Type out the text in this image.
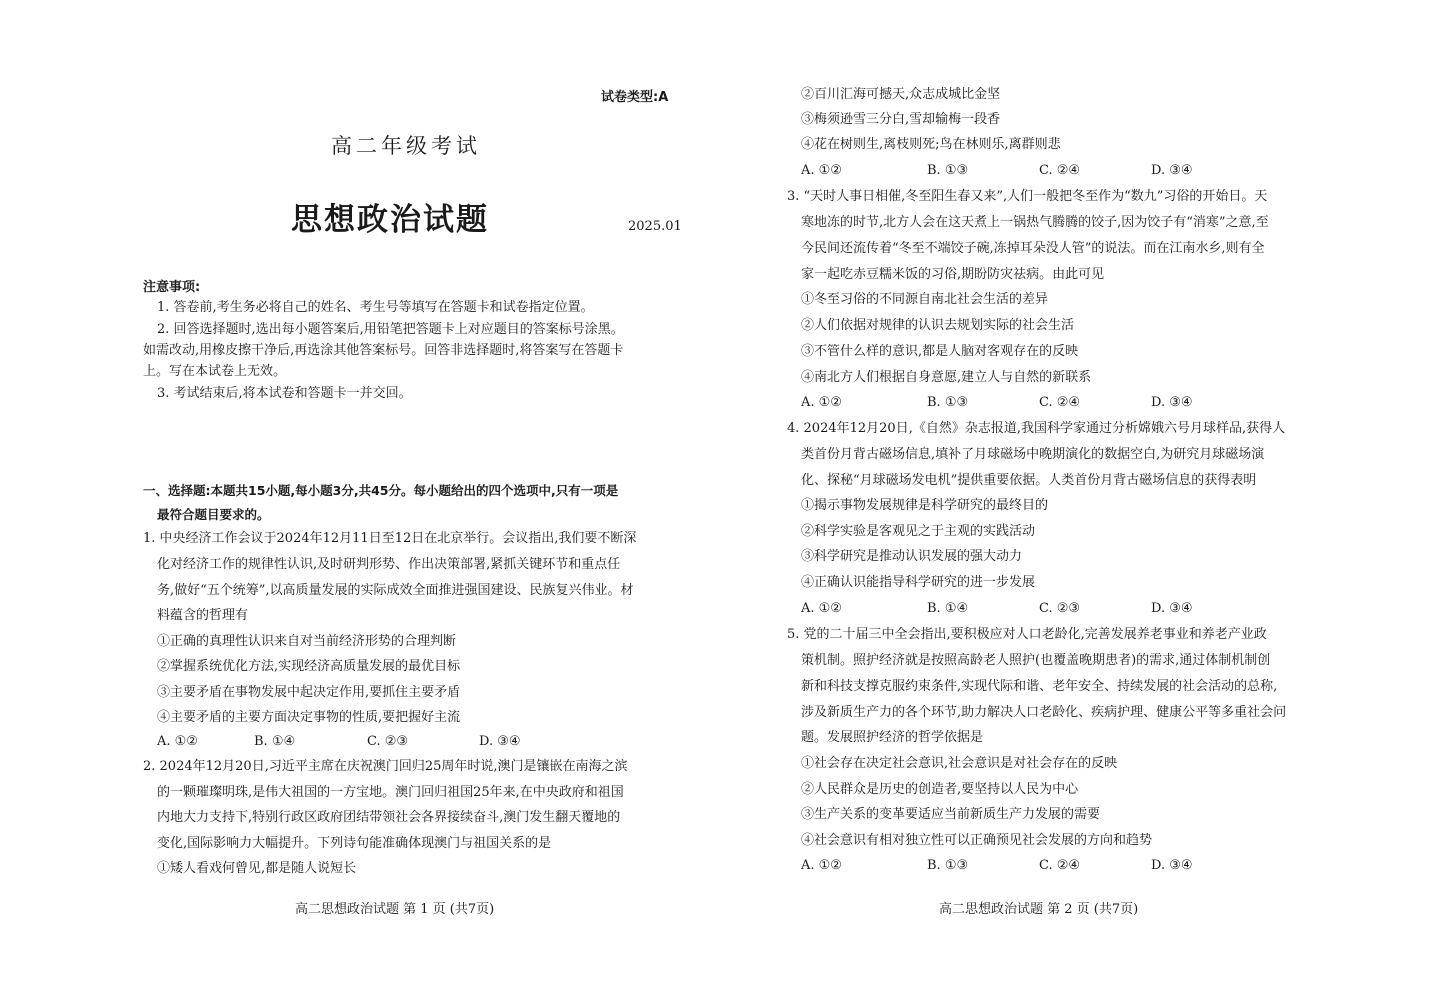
试卷类型:A
高二年级考试
思想政治试题	2025.01
注意事项:
1. 答卷前,考生务必将自己的姓名、考生号等填写在答题卡和试卷指定位置。
2. 回答选择题时,选出每小题答案后,用铅笔把答题卡上对应题目的答案标号涂黑。
如需改动,用橡皮擦干净后,再选涂其他答案标号。回答非选择题时,将答案写在答题卡
上。写在本试卷上无效。
3. 考试结束后,将本试卷和答题卡一并交回。
一、选择题:本题共15小题,每小题3分,共45分。每小题给出的四个选项中,只有一项是
最符合题目要求的。
1. 中央经济工作会议于2024年12月11日至12日在北京举行。会议指出,我们要不断深
化对经济工作的规律性认识,及时研判形势、作出决策部署,紧抓关键环节和重点任
务,做好“五个统筹”,以高质量发展的实际成效全面推进强国建设、民族复兴伟业。材
料蕴含的哲理有
①正确的真理性认识来自对当前经济形势的合理判断
②掌握系统优化方法,实现经济高质量发展的最优目标
③主要矛盾在事物发展中起决定作用,要抓住主要矛盾
④主要矛盾的主要方面决定事物的性质,要把握好主流
A. ①②	B. ①④	C. ②③	D. ③④
2. 2024年12月20日,习近平主席在庆祝澳门回归25周年时说,澳门是镶嵌在南海之滨
的一颗璀璨明珠,是伟大祖国的一方宝地。澳门回归祖国25年来,在中央政府和祖国
内地大力支持下,特别行政区政府团结带领社会各界接续奋斗,澳门发生翻天覆地的
变化,国际影响力大幅提升。下列诗句能准确体现澳门与祖国关系的是
①矮人看戏何曾见,都是随人说短长
高二思想政治试题 第 1 页 (共7页)
②百川汇海可撼天,众志成城比金坚
③梅须逊雪三分白,雪却输梅一段香
④花在树则生,离枝则死;鸟在林则乐,离群则悲
A. ①②	B. ①③	C. ②④	D. ③④
3. “天时人事日相催,冬至阳生春又来”,人们一般把冬至作为“数九”习俗的开始日。天
寒地冻的时节,北方人会在这天煮上一锅热气腾腾的饺子,因为饺子有“消寒”之意,至
今民间还流传着“冬至不端饺子碗,冻掉耳朵没人管”的说法。而在江南水乡,则有全
家一起吃赤豆糯米饭的习俗,期盼防灾祛病。由此可见
①冬至习俗的不同源自南北社会生活的差异
②人们依据对规律的认识去规划实际的社会生活
③不管什么样的意识,都是人脑对客观存在的反映
④南北方人们根据自身意愿,建立人与自然的新联系
A. ①②	B. ①③	C. ②④	D. ③④
4. 2024年12月20日,《自然》杂志报道,我国科学家通过分析嫦娥六号月球样品,获得人
类首份月背古磁场信息,填补了月球磁场中晚期演化的数据空白,为研究月球磁场演
化、探秘“月球磁场发电机”提供重要依据。人类首份月背古磁场信息的获得表明
①揭示事物发展规律是科学研究的最终目的
②科学实验是客观见之于主观的实践活动
③科学研究是推动认识发展的强大动力
④正确认识能指导科学研究的进一步发展
A. ①②	B. ①④	C. ②③	D. ③④
5. 党的二十届三中全会指出,要积极应对人口老龄化,完善发展养老事业和养老产业政
策机制。照护经济就是按照高龄老人照护(也覆盖晚期患者)的需求,通过体制机制创
新和科技支撑克服约束条件,实现代际和谐、老年安全、持续发展的社会活动的总称,
涉及新质生产力的各个环节,助力解决人口老龄化、疾病护理、健康公平等多重社会问
题。发展照护经济的哲学依据是
①社会存在决定社会意识,社会意识是对社会存在的反映
②人民群众是历史的创造者,要坚持以人民为中心
③生产关系的变革要适应当前新质生产力发展的需要
④社会意识有相对独立性可以正确预见社会发展的方向和趋势
A. ①②	B. ①③	C. ②④	D. ③④
高二思想政治试题 第 2 页 (共7页)
